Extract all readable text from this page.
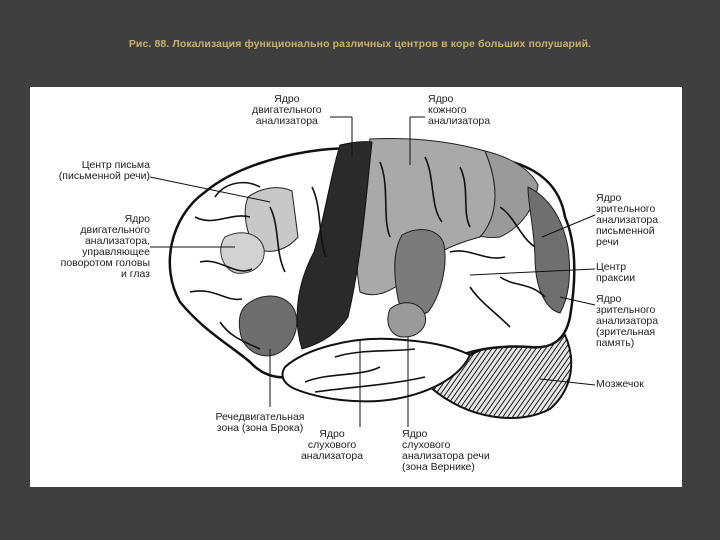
Рис. 88. Локализация функционально различных центров в коре больших полушарий.
Ядро
двигательного
анализатора
Ядро
кожного
анализатора
Центр письма
(письменной речи)
Ядро
двигательного
анализатора,
управляющее
поворотом головы
и глаз
Ядро
зрительного
анализатора
письменной
речи
Центр
праксии
Ядро
зрительного
анализатора
(зрительная
память)
Мозжечок
Речедвигательная
зона (зона Брока)	Ядро
слухового
анализатора
Ядро
слухового
анализатора речи
(зона Верникe)
